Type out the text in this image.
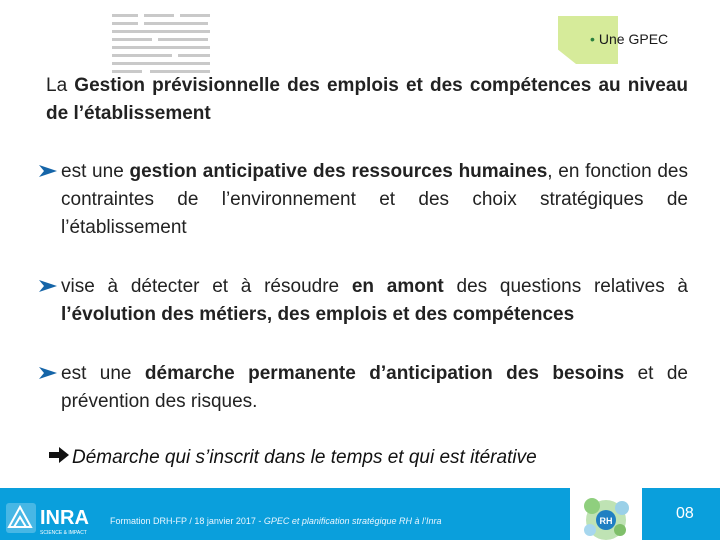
• Une GPEC
La Gestion prévisionnelle des emplois et des compétences au niveau de l’établissement
est une gestion anticipative des ressources humaines, en fonction des contraintes de l’environnement et des choix stratégiques de l’établissement
vise à détecter et à résoudre en amont des questions relatives à l’évolution des métiers, des emplois et des compétences
est une démarche permanente d’anticipation des besoins et de prévention des risques.
Démarche qui s’inscrit dans le temps et qui est itérative
INRA
SCIENCE & IMPACT
Formation DRH-FP / 18 janvier 2017 - GPEC et planification stratégique RH à l’Inra	RH	08
